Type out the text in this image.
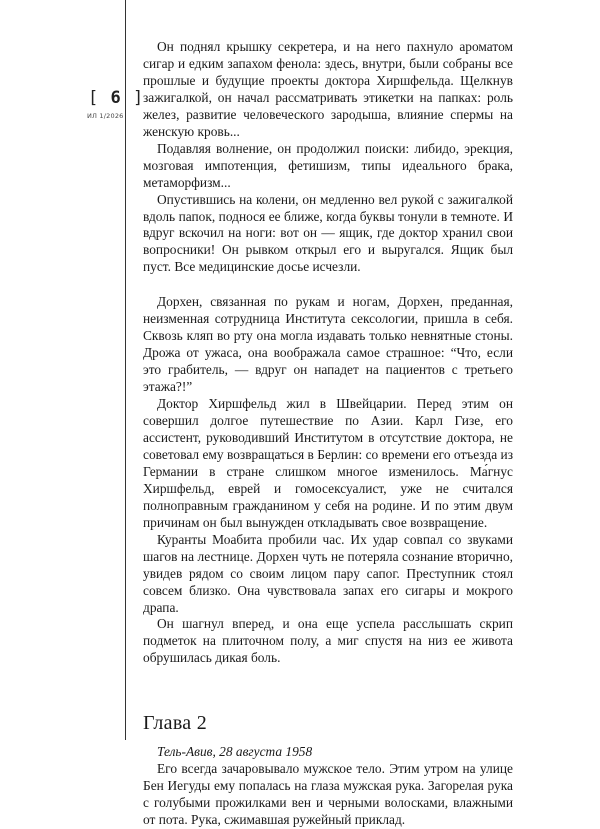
[ 6 ]
ИЛ 1/2026

Он поднял крышку секретера, и на него пахнуло ароматом сигар и едким запахом фенола: здесь, внутри, были собраны все прошлые и будущие проекты доктора Хиршфельда. Щелкнув зажигалкой, он начал рассматривать этикетки на папках: роль желез, развитие человеческого зародыша, влияние спермы на женскую кровь...

Подавляя волнение, он продолжил поиски: либидо, эрекция, мозговая импотенция, фетишизм, типы идеального брака, метаморфизм...

Опустившись на колени, он медленно вел рукой с зажигалкой вдоль папок, поднося ее ближе, когда буквы тонули в темноте. И вдруг вскочил на ноги: вот он — ящик, где доктор хранил свои вопросники! Он рывком открыл его и выругался. Ящик был пуст. Все медицинские досье исчезли.

Дорхен, связанная по рукам и ногам, Дорхен, преданная, неизменная сотрудница Института сексологии, пришла в себя. Сквозь кляп во рту она могла издавать только невнятные стоны. Дрожа от ужаса, она воображала самое страшное: “Что, если это грабитель, — вдруг он нападет на пациентов с третьего этажа?!”

Доктор Хиршфельд жил в Швейцарии. Перед этим он совершил долгое путешествие по Азии. Карл Гизе, его ассистент, руководивший Институтом в отсутствие доктора, не советовал ему возвращаться в Берлин: со времени его отъезда из Германии в стране слишком многое изменилось. Ма́гнус Хиршфельд, еврей и гомосексуалист, уже не считался полноправным гражданином у себя на родине. И по этим двум причинам он был вынужден откладывать свое возвращение.

Куранты Моабита пробили час. Их удар совпал со звуками шагов на лестнице. Дорхен чуть не потеряла сознание вторично, увидев рядом со своим лицом пару сапог. Преступник стоял совсем близко. Она чувствовала запах его сигары и мокрого драпа.

Он шагнул вперед, и она еще успела расслышать скрип подметок на плиточном полу, а миг спустя на низ ее живота обрушилась дикая боль.

Глава 2

Тель-Авив, 28 августа 1958

Его всегда зачаровывало мужское тело. Этим утром на улице Бен Иегуды ему попалась на глаза мужская рука. Загорелая рука с голубыми прожилками вен и черными волосками, влажными от пота. Рука, сжимавшая ружейный приклад.
